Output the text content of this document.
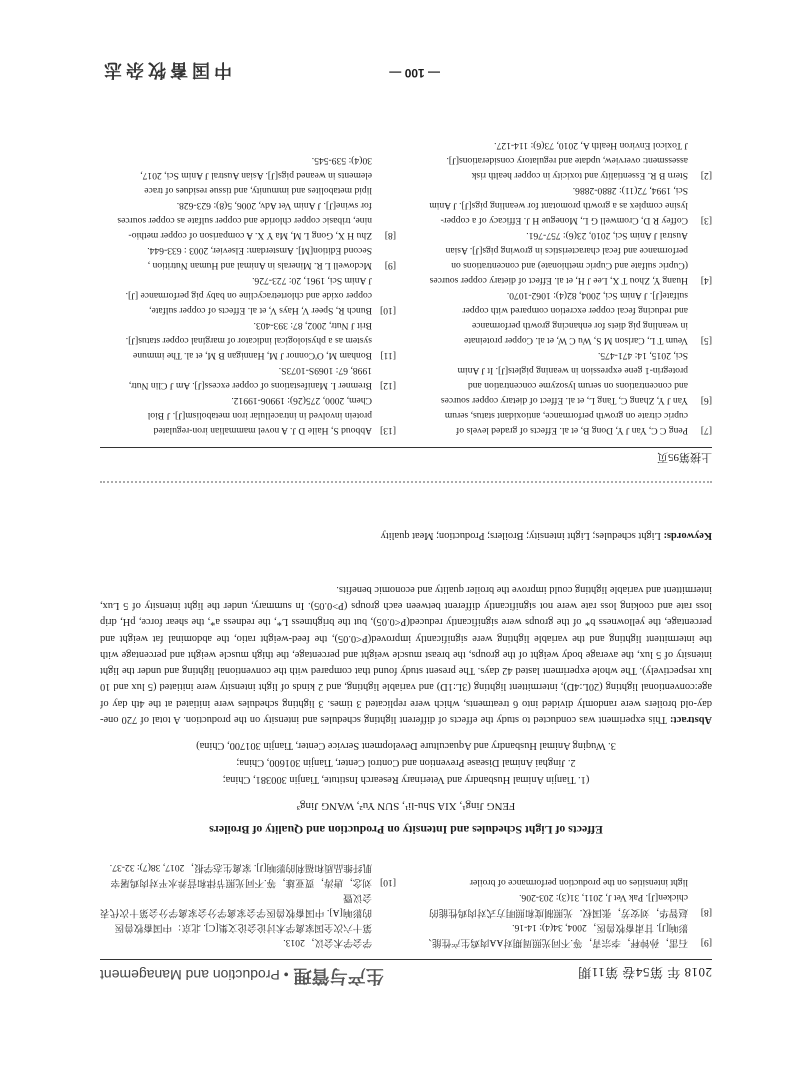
2018 年 第54卷 第11期
生产与管理 • Production and Management
[9]
石雷，孙钟秤，李宗青，等.不同光照周期对AA肉鸡生产性能、
影响[J]. 甘肃畜牧兽医，2004, 34(4): 14-16.
[8]
赵智华，刘安芳，张国权．光照制度和照明方式对肉鸡性能的
chicken[J]. Pak Vet J, 2011, 31(3): 203-206.
light intensities on the production performance of broiler
学会学术会议，2013.
第十六次全国家禽学术讨论会论文集[C]. 北京：中国畜牧兽医
的影响[A]. 中国畜牧兽医学会家禽学分会家禽学分会第十次代表会议暨
[10]
刘念，唐涛，贾亚雄，等.不同光照节律和营养水平对肉鸡屠宰
肌纤维品质和福利的影响[J]. 家禽生态学报，2017, 38(7): 32-37.
Effects of Light Schedules and Intensity on Production and Quality of Broilers
FENG Jing¹, XIA Shu-li¹, SUN Yu², WANG Jing³
(1. Tianjin Animal Husbandry and Veterinary Research Institute, Tianjin 300381, China;
2. Jinghai Animal Disease Prevention and Control Center, Tianjin 301600, China;
3. Wuqing Animal Husbandry and Aquaculture Development Service Center, Tianjin 301700, China)
Abstract: This experiment was conducted to study the effects of different lighting schedules and intensity on the production. A total of 720 one-day-old broilers were randomly divided into 6 treatments, which were replicated 3 times. 3 lighting schedules were initiated at the 4th day of age:conventional lighting (20L:4D), intermittent lighting (3L:1D) and variable lighting, and 2 kinds of light intensity were initiated (5 lux and 10 lux respectively). The whole experiment lasted 42 days. The present study found that compared with the conventional lighting and under the light intensity of 5 lux, the average body weight of the groups, the breast muscle weight and percentage, the thigh muscle weight and percentage with the intermittent lighting and the variable lighting were significantly improved(P<0.05), the feed-weight ratio, the abdominal fat weight and percentage, the yellowness b* of the groups were significantly reduced(P<0.05), but the brightness L*, the redness a*, the shear force, pH, drip loss rate and cooking loss rate were not significantly different between each groups (P>0.05). In summary, under the light intensity of 5 Lux, intermittent and variable lighting could improve the broiler quality and economic benefits.
Keywords: Light schedules; Light intensity; Broilers; Production; Meat quality
上接第95页
[7]
Peng C C, Yan J Y, Dong B, et al. Effects of graded levels of
cupric citrate on growth performance, antioxidant status, serum
[6]
Yan J Y, Zhang C, Tang L, et al. Effect of dietary copper sources
and concentrations on serum lysozyme concentration and
protegrin-1 gene expression in weaning piglets[J]. It J Anim
Sci, 2015, 14: 471-475.
[5]
Veum T L, Carlson M S, Wu C W, et al. Copper proteinate
in weanling pig diets for enhancing growth performance
and reducing fecal copper excretion compared with copper
sulfate[J]. J Anim Sci, 2004, 82(4): 1062-1070.
[4]
Huang Y, Zhou T X, Lee J H, et al. Effect of dietary copper sources
(Cupric sulfate and Cupric methionate) and concentrations on
performance and fecal characteristics in growing pigs[J]. Asian
Austral J Anim Sci, 2010, 23(6): 757-761.
[3]
Coffey R D, Cromwell G L, Monegue H J. Efficacy of a copper-
lysine complex as a growth promotant for weanling pigs[J]. J Anim
Sci, 1994, 72(11): 2880-2886.
[2]
Stern B R. Essentiality and toxicity in copper health risk
assessment: overview, update and regulatory considerations[J].
J Toxicol Environ Health A, 2010, 73(6): 114-127.
[13]
Abboud S, Haile D J. A novel mammalian iron-regulated
protein involved in intracellular iron metabolism[J]. J Biol
Chem, 2000, 275(26): 19906-19912.
[12]
Bremner I. Manifestations of copper excess[J]. Am J Clin Nutr,
1998, 67: 1069S-1073S.
[11]
Bonham M, O'Connor J M, Hannigan B M, et al. The immune
system as a physiological indicator of marginal copper status[J].
Brit J Nutr, 2002, 87: 393-403.
[10]
Bunch R, Speer V, Hays V, et al. Effects of copper sulfate,
copper oxide and chlortetracycline on baby pig performance [J].
J Anim Sci, 1961, 20: 723-726.
[9]
Mcdowell L R. Minerals in Animal and Human Nutrition ,
Second Edition[M]. Amsterdam: Elsevier, 2003 : 633-644.
[8]
Zhu H X, Gong L M, Ma Y X. A comparison of copper methio-
nine, tribasic copper chloride and copper sulfate as copper sources
for swine[J]. J Anim Vet Adv, 2006, 5(8): 623-628.
lipid metabolites and immunity, and tissue residues of trace
elements in weaned pigs[J]. Asian Austral J Anim Sci, 2017,
30(4): 539-545.
— 100 —
中国畜牧杂志
